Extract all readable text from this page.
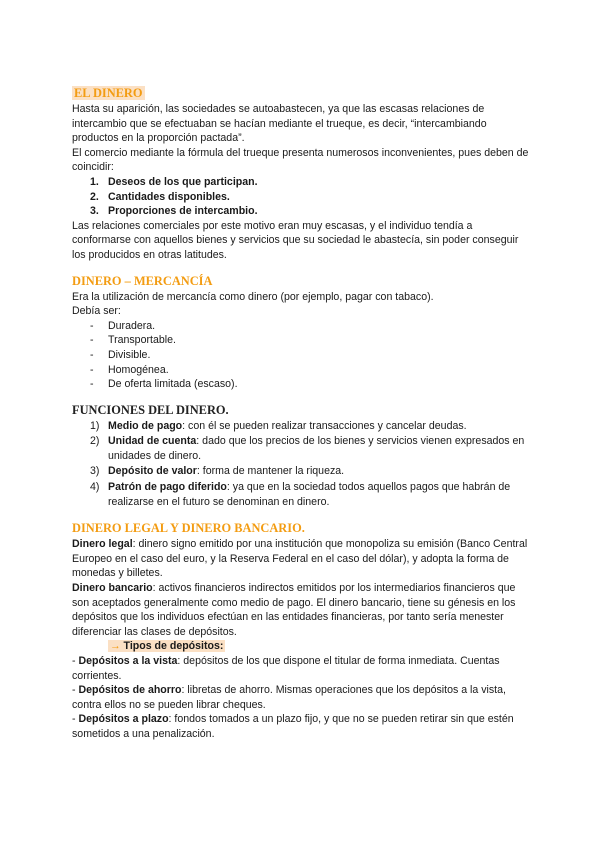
EL DINERO

Hasta su aparición, las sociedades se autoabastecen, ya que las escasas relaciones de intercambio que se efectuaban se hacían mediante el trueque, es decir, “intercambiando productos en la proporción pactada”.

El comercio mediante la fórmula del trueque presenta numerosos inconvenientes, pues deben de coincidir:

1. Deseos de los que participan.
2. Cantidades disponibles.
3. Proporciones de intercambio.

Las relaciones comerciales por este motivo eran muy escasas, y el individuo tendía a conformarse con aquellos bienes y servicios que su sociedad le abastecía, sin poder conseguir los producidos en otras latitudes.

DINERO – MERCANCÍA

Era la utilización de mercancía como dinero (por ejemplo, pagar con tabaco).

Debía ser:

- Duradera.
- Transportable.
- Divisible.
- Homogénea.
- De oferta limitada (escaso).
FUNCIONES DEL DINERO.
1) Medio de pago: con él se pueden realizar transacciones y cancelar deudas.
2) Unidad de cuenta: dado que los precios de los bienes y servicios vienen expresados en unidades de dinero.
3) Depósito de valor: forma de mantener la riqueza.
4) Patrón de pago diferido: ya que en la sociedad todos aquellos pagos que habrán de realizarse en el futuro se denominan en dinero.
DINERO LEGAL Y DINERO BANCARIO.

Dinero legal: dinero signo emitido por una institución que monopoliza su emisión (Banco Central Europeo en el caso del euro, y la Reserva Federal en el caso del dólar), y adopta la forma de monedas y billetes.

Dinero bancario: activos financieros indirectos emitidos por los intermediarios financieros que son aceptados generalmente como medio de pago. El dinero bancario, tiene su génesis en los depósitos que los individuos efectúan en las entidades financieras, por tanto sería menester diferenciar las clases de depósitos.

→ Tipos de depósitos:

- Depósitos a la vista: depósitos de los que dispone el titular de forma inmediata. Cuentas corrientes.

- Depósitos de ahorro: libretas de ahorro. Mismas operaciones que los depósitos a la vista, contra ellos no se pueden librar cheques.

- Depósitos a plazo: fondos tomados a un plazo fijo, y que no se pueden retirar sin que estén sometidos a una penalización.
